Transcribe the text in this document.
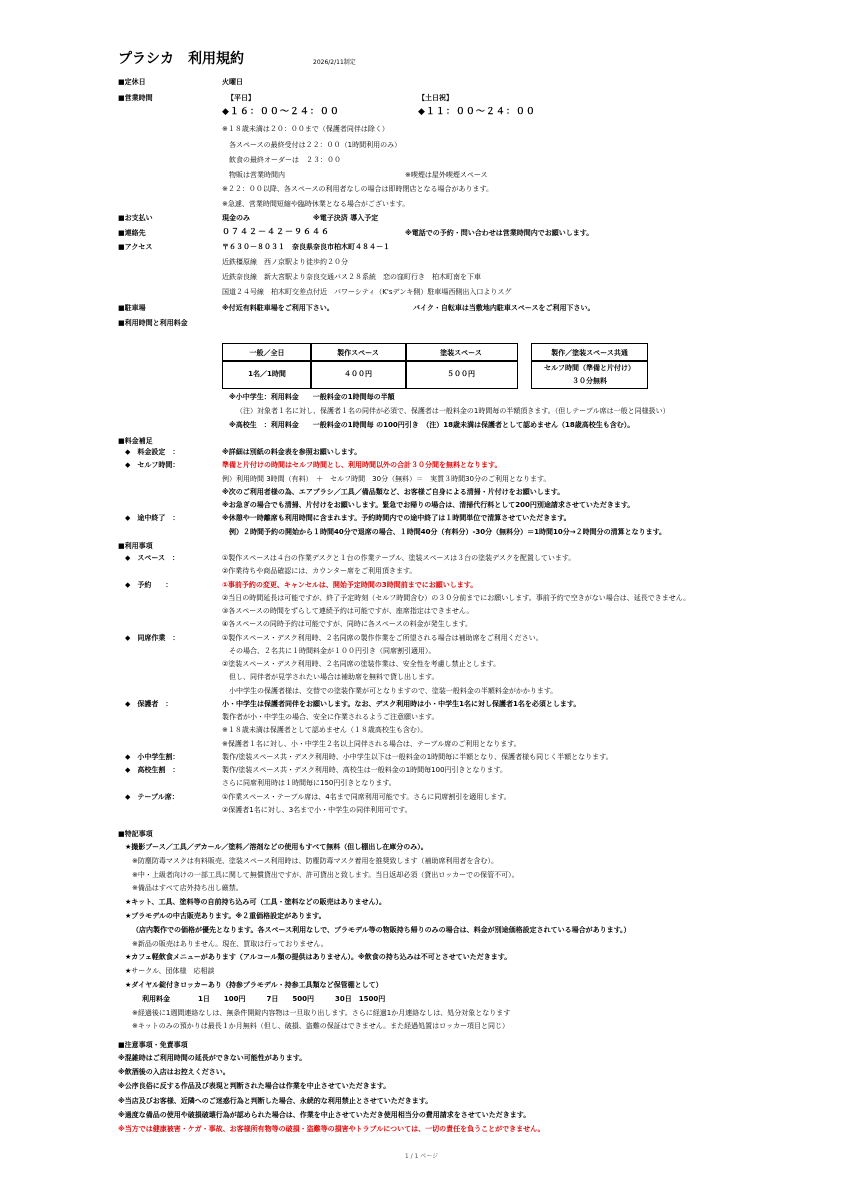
プラシカ　利用規約	2026/2/11制定
■定休日	火曜日
■営業時間	【平日】	【土日祝】
◆１６：００～２４：００	◆１１：００～２４：００
※１８歳未満は２０：００まで（保護者同伴は除く）
各スペースの最終受付は２２：００（1時間利用のみ）
飲食の最終オーダーは　２３：００
物販は営業時間内	※喫煙は屋外喫煙スペース
※２２：００以降、各スペースの利用者なしの場合は即時閉店となる場合があります。
※急遽、営業時間短縮や臨時休業となる場合がございます。
■お支払い	現金のみ	※電子決済 導入予定
■連絡先	０７４２－４２－９６４６	※電話での予約・問い合わせは営業時間内でお願いします。
■アクセス	〒６３０－８０３１　奈良県奈良市柏木町４８４－１
近鉄橿原線　西ノ京駅より徒歩約２０分
近鉄奈良線　新大宮駅より奈良交通バス２８系統　恋の窪町行き　柏木町南を下車
国道２４号線　柏木町交差点付近　パワーシティ（K'sデンキ側）駐車場西側出入口よりスグ
■駐車場	※付近有料駐車場をご利用下さい。	バイク・自転車は当敷地内駐車スペースをご利用下さい。
■利用時間と利用料金
一般／全日	製作スペース	塗装スペース
1名／1時間	４００円	５００円
製作／塗装スペース共通
セルフ時間（準備と片付け）
３０分無料
※小中学生：利用料金　　一般料金の1時間毎の半額
（注）対象者１名に対し、保護者１名の同伴が必須で、保護者は一般料金の1時間毎の半額頂きます。（但しテーブル席は一般と同様扱い）
※高校生　：利用料金　　一般料金の1時間毎 の100円引き　（注）18歳未満は保護者として認めません（18歳高校生も含む）。
■料金補足
◆　料金設定　：	※詳細は別紙の料金表を参照お願いします。
◆　セルフ時間：	準備と片付けの時間はセルフ時間とし、利用時間以外の合計３０分間を無料となります。
例）利用時間 3時間（有料）　＋　セルフ時間　30分（無料）＝　実質３時間30分のご利用となります。
※次のご利用者様の為、エアブラシ／工具／備品類など、お客様ご自身による清掃・片付けをお願いします。
※お急ぎの場合でも清掃、片付けをお願いします。緊急でお帰りの場合は、清掃代行料として200円別途請求させていただきます。
◆　途中終了　：	※休憩や一時離席も利用時間に含まれます。予約時間内での途中終了は１時間単位で清算させていただきます。
例）２時間予約の開始から１時間40分で退席の場合、１時間40分（有料分）-30分（無料分）＝1時間10分→２時間分の清算となります。
■利用事項
◆　スペース　：	①製作スペースは４台の作業デスクと１台の作業テーブル、塗装スペースは３台の塗装デスクを配置しています。
②作業待ちや商品確認には、カウンター席をご利用頂きます。
◆　予約　　：	①事前予約の変更、キャンセルは、開始予定時間の3時間前までにお願いします。
②当日の時間延長は可能ですが、終了予定時刻（セルフ時間含む）の３０分前までにお願いします。事前予約で空きがない場合は、延長できません。
③各スペースの時間をずらして連続予約は可能ですが、座席指定はできません。
④各スペースの同時予約は可能ですが、同時に各スペースの料金が発生します。
◆　同席作業　：	①製作スペース・デスク利用時、２名同席の製作作業をご所望される場合は補助席をご利用ください。
その場合、２名共に１時間料金が１００円引き（同席割引適用）。
②塗装スペース・デスク利用時、２名同席の塗装作業は、安全性を考慮し禁止とします。
但し、同伴者が見学されたい場合は補助席を無料で貸し出します。
小中学生の保護者様は、交替での塗装作業が可となりますので、塗装一般料金の半額料金がかかります。
◆　保護者　：	小・中学生は保護者同伴をお願いします。なお、デスク利用時は小・中学生1名に対し保護者1名を必須とします。
製作者が小・中学生の場合、安全に作業されるようご注意願います。
※１８歳未満は保護者として認めません（１８歳高校生も含む）。
※保護者１名に対し、小・中学生２名以上同伴される場合は、テーブル席のご利用となります。
◆　小中学生割：	製作/塗装スペース共・デスク利用時、小中学生以下は一般料金の1時間毎に半額となり、保護者様も同じく半額となります。
◆　高校生割　：	製作/塗装スペース共・デスク利用時、高校生は一般料金の1時間毎100円引きとなります。
さらに同席利用時は１時間毎に150円引きとなります。
◆　テーブル席：	①作業スペース・テーブル席は、4名まで同席利用可能です。さらに同席割引を適用します。
②保護者1名に対し、3名まで小・中学生の同伴利用可です。
■特記事項
★撮影ブース／工具／デカール／塗料／溶剤などの使用もすべて無料（但し棚出し在庫分のみ）。
※防塵防毒マスクは有料販売、塗装スペース利用時は、防塵防毒マスク着用を推奨致します（補助席利用者を含む）。
※中・上級者向けの一部工具に関して無償貸出ですが、許可貸出と致します。当日返却必須（貸出ロッカーでの保管不可）。
※備品はすべて店外持ち出し厳禁。
★キット、工具、塗料等の自前持ち込み可（工具・塗料などの販売はありません）。
★プラモデルの中古販売あります。※２重価格設定があります。
（店内製作での価格が優先となります。各スペース利用なしで、プラモデル等の物販持ち帰りのみの場合は、料金が別途価格設定されている場合があります。）
※新品の販売はありません。現在、買取は行っておりません。
★カフェ軽飲食メニューがあります（アルコール類の提供はありません）。※飲食の持ち込みは不可とさせていただきます。
★サークル、団体様　応相談
★ダイヤル錠付きロッカーあり（持参プラモデル・持参工具類など保管棚として）
利用料金　　　　1日　　100円　　　7日　　500円　　　30日　1500円
※経過後に1週間連絡なしは、無条件開錠内容物は一旦取り出します。さらに経過1か月連絡なしは、処分対象となります
※キットのみの預かりは最長１か月無料（但し、破損、盗難の保証はできません。また経過処置はロッカー項目と同じ）
■注意事項・免責事項
※混雑時はご利用時間の延長ができない可能性があります。
※飲酒後の入店はお控えください。
※公序良俗に反する作品及び表現と判断された場合は作業を中止させていただきます。
※当店及びお客様、近隣へのご迷惑行為と判断した場合、永続的な利用禁止とさせていただきます。
※過度な備品の使用や破損破壊行為が認められた場合は、作業を中止させていただき使用相当分の費用請求をさせていただきます。
※当方では健康被害・ケガ・事故、お客様所有物等の破損・盗難等の損害やトラブルについては、一切の責任を負うことができません。
1 / 1 ページ
